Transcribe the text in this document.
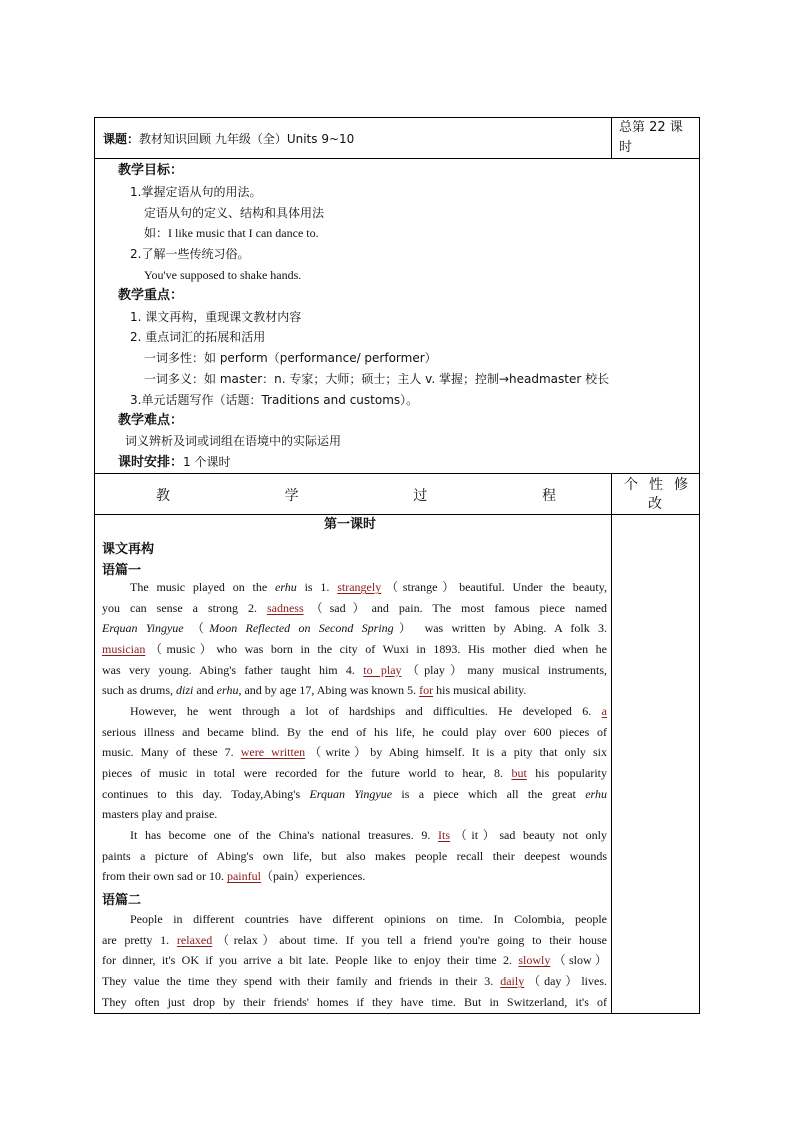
课题：教材知识回顾 九年级（全）Units 9~10
总第 22 课
时
教学目标：
1.掌握定语从句的用法。
定语从句的定义、结构和具体用法
如：I like music that I can dance to.
2.了解一些传统习俗。
You've supposed to shake hands.
教学重点：
1. 课文再构，重现课文教材内容
2. 重点词汇的拓展和活用
一词多性：如 perform（performance/ performer）
一词多义：如 master：n. 专家；大师；硕士；主人 v. 掌握；控制→headmaster 校长
3.单元话题写作（话题：Traditions and customs）。
教学难点：
词义辨析及词或词组在语境中的实际运用
课时安排：1 个课时
教	学	过	程
个 性 修
改
第一课时
课文再构
语篇一
The music played on the erhu is 1. strangely（strange）beautiful. Under the beauty,
you can sense a strong 2. sadness（sad）and pain. The most famous piece named
Erquan Yingyue （Moon Reflected on Second Spring） was written by Abing. A folk 3.
musician（music）who was born in the city of Wuxi in 1893. His mother died when he
was very young. Abing's father taught him 4. to play（play）many musical instruments,
such as drums, dizi and erhu, and by age 17, Abing was known 5. for his musical ability.
However, he went through a lot of hardships and difficulties. He developed 6. a
serious illness and became blind. By the end of his life, he could play over 600 pieces of
music. Many of these 7. were written（write）by Abing himself. It is a pity that only six
pieces of music in total were recorded for the future world to hear, 8. but his popularity
continues to this day. Today,Abing's Erquan Yingyue is a piece which all the great erhu
masters play and praise.
It has become one of the China's national treasures. 9. Its（it）sad beauty not only
paints a picture of Abing's own life, but also makes people recall their deepest wounds
from their own sad or 10. painful（pain）experiences.
语篇二
People in different countries have different opinions on time. In Colombia, people
are pretty 1. relaxed（relax）about time. If you tell a friend you're going to their house
for dinner, it's OK if you arrive a bit late. People like to enjoy their time 2. slowly（slow）
They value the time they spend with their family and friends in their 3. daily（day）lives.
They often just drop by their friends' homes if they have time. But in Switzerland, it's of
